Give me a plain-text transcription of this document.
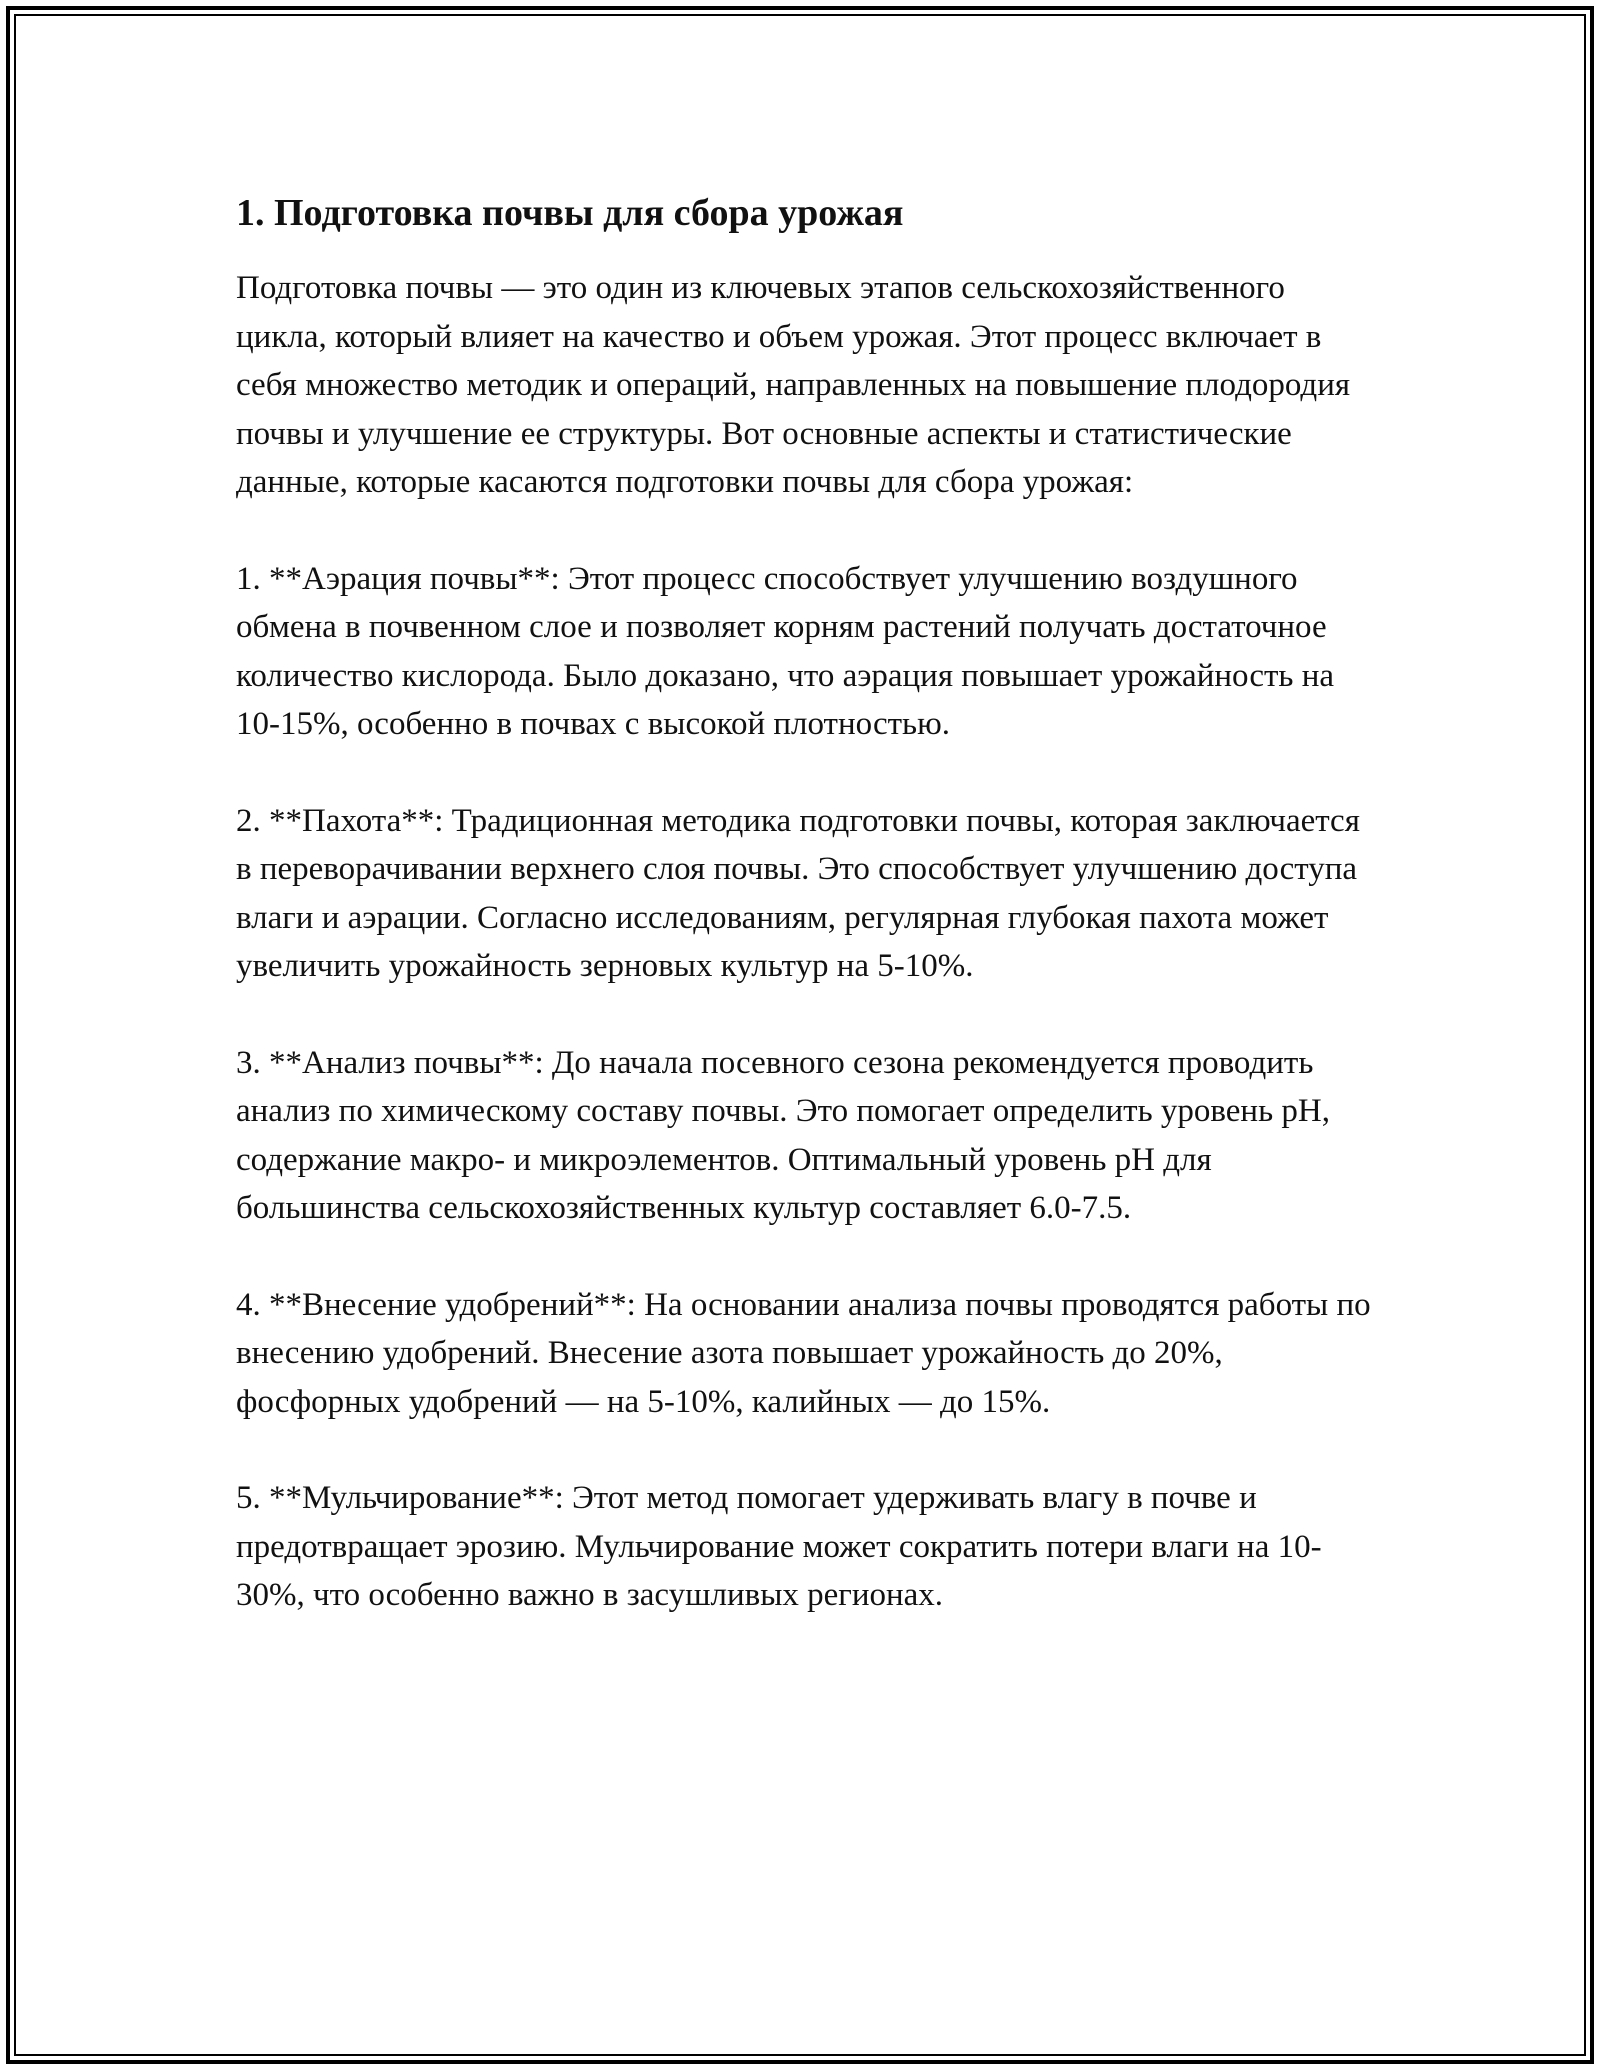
1. Подготовка почвы для сбора урожая

Подготовка почвы — это один из ключевых этапов сельскохозяйственного цикла, который влияет на качество и объем урожая. Этот процесс включает в себя множество методик и операций, направленных на повышение плодородия почвы и улучшение ее структуры. Вот основные аспекты и статистические данные, которые касаются подготовки почвы для сбора урожая:

1. **Аэрация почвы**: Этот процесс способствует улучшению воздушного обмена в почвенном слое и позволяет корням растений получать достаточное количество кислорода. Было доказано, что аэрация повышает урожайность на 10-15%, особенно в почвах с высокой плотностью.

2. **Пахота**: Традиционная методика подготовки почвы, которая заключается в переворачивании верхнего слоя почвы. Это способствует улучшению доступа влаги и аэрации. Согласно исследованиям, регулярная глубокая пахота может увеличить урожайность зерновых культур на 5-10%.

3. **Анализ почвы**: До начала посевного сезона рекомендуется проводить анализ по химическому составу почвы. Это помогает определить уровень pH, содержание макро- и микроэлементов. Оптимальный уровень pH для большинства сельскохозяйственных культур составляет 6.0-7.5.

4. **Внесение удобрений**: На основании анализа почвы проводятся работы по внесению удобрений. Внесение азота повышает урожайность до 20%, фосфорных удобрений — на 5-10%, калийных — до 15%.

5. **Мульчирование**: Этот метод помогает удерживать влагу в почве и предотвращает эрозию. Мульчирование может сократить потери влаги на 10-30%, что особенно важно в засушливых регионах.
